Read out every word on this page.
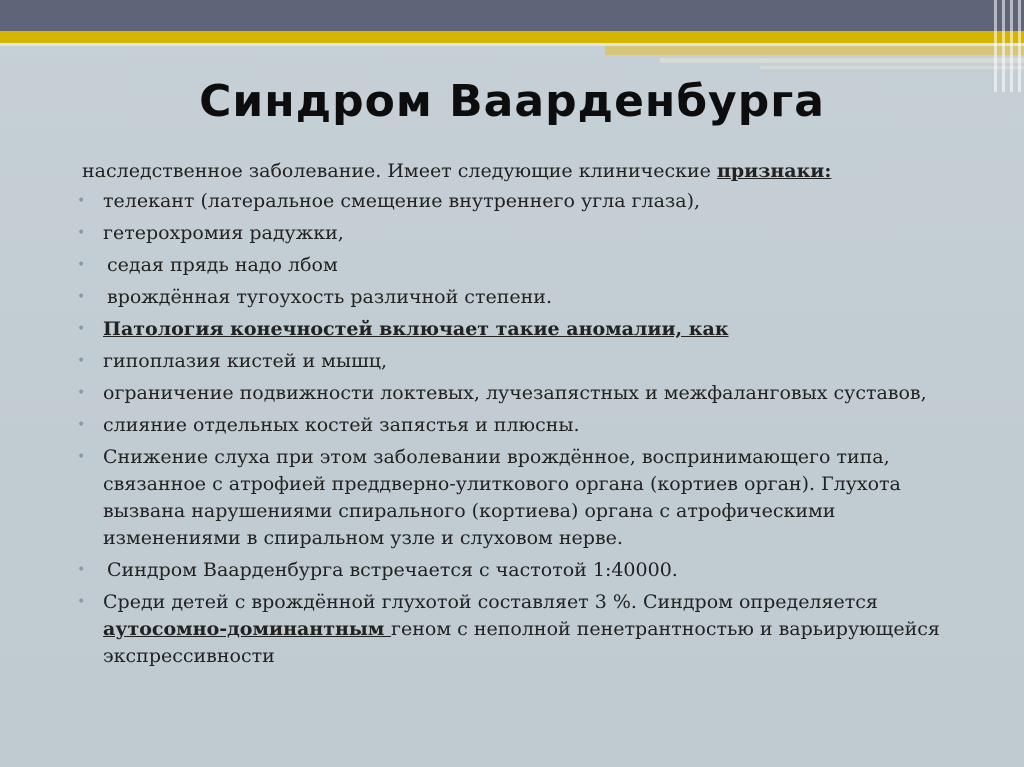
Синдром Ваарденбурга

наследственное заболевание. Имеет следующие клинические признаки:

• телекант (латеральное смещение внутреннего угла глаза),
• гетерохромия радужки,
• седая прядь надо лбом
• врождённая тугоухость различной степени.
• Патология конечностей включает такие аномалии, как
• гипоплазия кистей и мышц,
• ограничение подвижности локтевых, лучезапястных и межфаланговых суставов,
• слияние отдельных костей запястья и плюсны.
• Снижение слуха при этом заболевании врождённое, воспринимающего типа, связанное с атрофией преддверно-улиткового органа (кортиев орган). Глухота вызвана нарушениями спирального (кортиева) органа с атрофическими изменениями в спиральном узле и слуховом нерве.
• Синдром Ваарденбурга встречается с частотой 1:40000.
• Среди детей с врождённой глухотой составляет 3 %. Синдром определяется аутосомно-доминантным геном с неполной пенетрантностью и варьирующейся экспрессивности
